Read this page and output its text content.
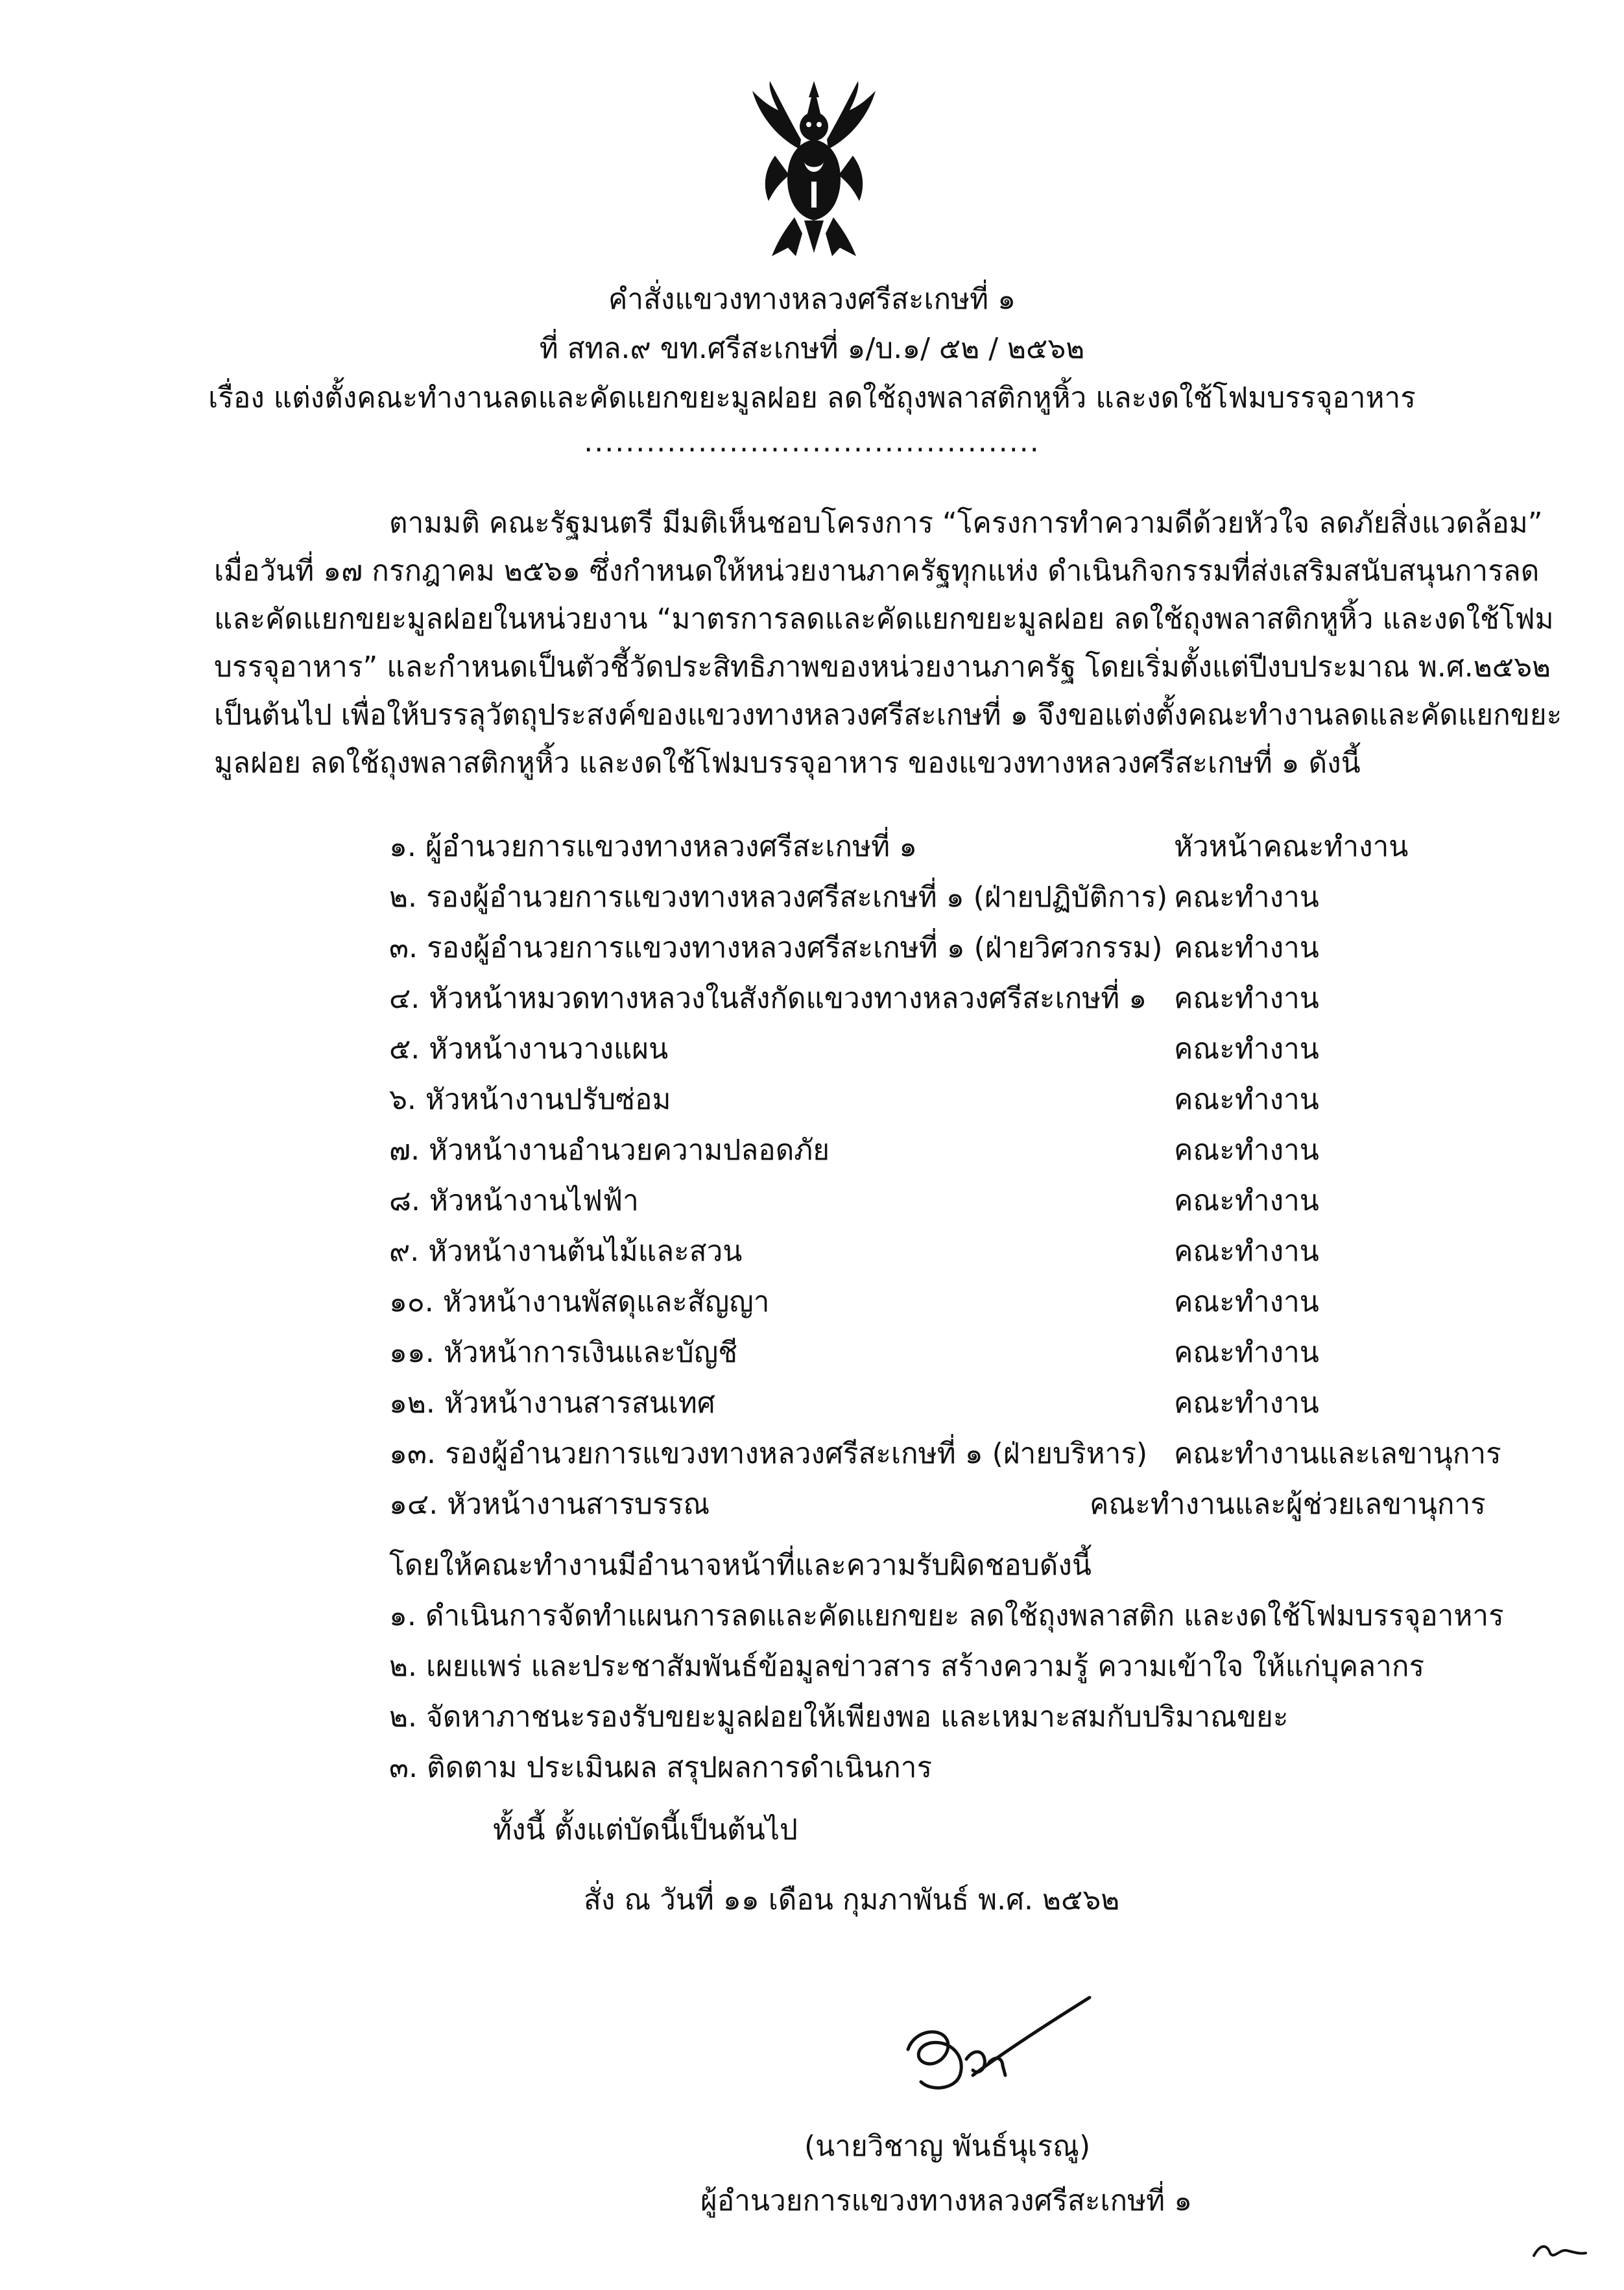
คำสั่งแขวงทางหลวงศรีสะเกษที่ ๑
ที่ สทล.๙ ขท.ศรีสะเกษที่ ๑/บ.๑/ ๕๒ / ๒๕๖๒
เรื่อง แต่งตั้งคณะทำงานลดและคัดแยกขยะมูลฝอย ลดใช้ถุงพลาสติกหูหิ้ว และงดใช้โฟมบรรจุอาหาร
............................................

ตามมติ คณะรัฐมนตรี มีมติเห็นชอบโครงการ “โครงการทำความดีด้วยหัวใจ ลดภัยสิ่งแวดล้อม”

เมื่อวันที่ ๑๗ กรกฎาคม ๒๕๖๑ ซึ่งกำหนดให้หน่วยงานภาครัฐทุกแห่ง ดำเนินกิจกรรมที่ส่งเสริมสนับสนุนการลด

และคัดแยกขยะมูลฝอยในหน่วยงาน “มาตรการลดและคัดแยกขยะมูลฝอย ลดใช้ถุงพลาสติกหูหิ้ว และงดใช้โฟม

บรรจุอาหาร” และกำหนดเป็นตัวชี้วัดประสิทธิภาพของหน่วยงานภาครัฐ โดยเริ่มตั้งแต่ปีงบประมาณ พ.ศ.๒๕๖๒

เป็นต้นไป เพื่อให้บรรลุวัตถุประสงค์ของแขวงทางหลวงศรีสะเกษที่ ๑ จึงขอแต่งตั้งคณะทำงานลดและคัดแยกขยะ

มูลฝอย ลดใช้ถุงพลาสติกหูหิ้ว และงดใช้โฟมบรรจุอาหาร ของแขวงทางหลวงศรีสะเกษที่ ๑ ดังนี้

๑. ผู้อำนวยการแขวงทางหลวงศรีสะเกษที่ ๑	หัวหน้าคณะทำงาน
๒. รองผู้อำนวยการแขวงทางหลวงศรีสะเกษที่ ๑ (ฝ่ายปฏิบัติการ) คณะทำงาน
๓. รองผู้อำนวยการแขวงทางหลวงศรีสะเกษที่ ๑ (ฝ่ายวิศวกรรม) คณะทำงาน
๔. หัวหน้าหมวดทางหลวงในสังกัดแขวงทางหลวงศรีสะเกษที่ ๑ คณะทำงาน
๕. หัวหน้างานวางแผน	คณะทำงาน
๖. หัวหน้างานปรับซ่อม	คณะทำงาน
๗. หัวหน้างานอำนวยความปลอดภัย	คณะทำงาน
๘. หัวหน้างานไฟฟ้า	คณะทำงาน
๙. หัวหน้างานต้นไม้และสวน	คณะทำงาน
๑๐. หัวหน้างานพัสดุและสัญญา	คณะทำงาน
๑๑. หัวหน้าการเงินและบัญชี	คณะทำงาน
๑๒. หัวหน้างานสารสนเทศ	คณะทำงาน
๑๓. รองผู้อำนวยการแขวงทางหลวงศรีสะเกษที่ ๑ (ฝ่ายบริหาร) คณะทำงานและเลขานุการ
๑๔. หัวหน้างานสารบรรณ	คณะทำงานและผู้ช่วยเลขานุการ
โดยให้คณะทำงานมีอำนาจหน้าที่และความรับผิดชอบดังนี้
๑. ดำเนินการจัดทำแผนการลดและคัดแยกขยะ ลดใช้ถุงพลาสติก และงดใช้โฟมบรรจุอาหาร
๒. เผยแพร่ และประชาสัมพันธ์ข้อมูลข่าวสาร สร้างความรู้ ความเข้าใจ ให้แก่บุคลากร
๒. จัดหาภาชนะรองรับขยะมูลฝอยให้เพียงพอ และเหมาะสมกับปริมาณขยะ
๓. ติดตาม ประเมินผล สรุปผลการดำเนินการ
ทั้งนี้ ตั้งแต่บัดนี้เป็นต้นไป
สั่ง ณ วันที่ ๑๑ เดือน กุมภาพันธ์ พ.ศ. ๒๕๖๒
(นายวิชาญ พันธ์นุเรณู)
ผู้อำนวยการแขวงทางหลวงศรีสะเกษที่ ๑
